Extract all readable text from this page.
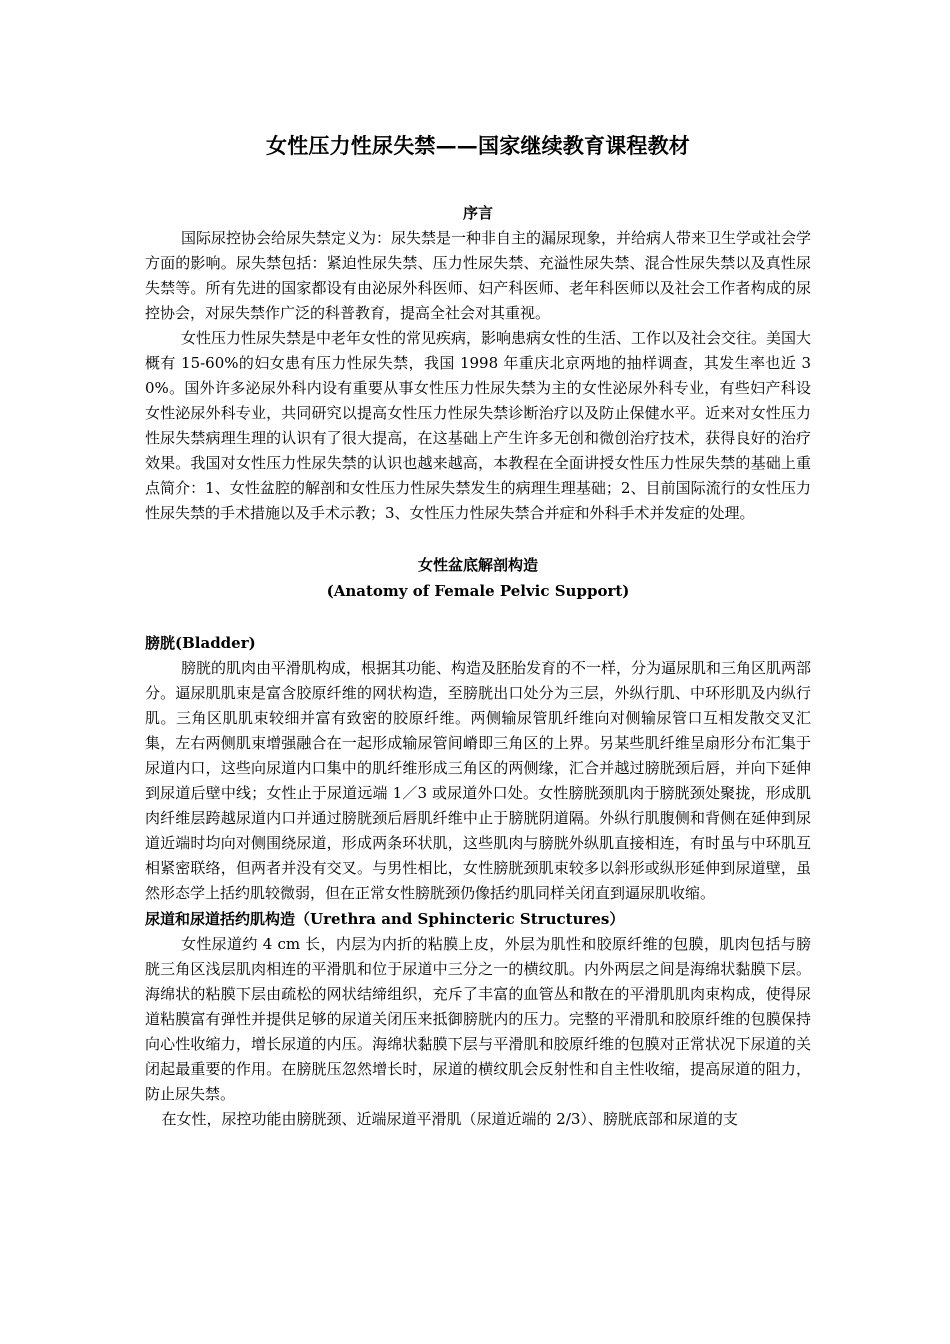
女性压力性尿失禁——国家继续教育课程教材
序言

国际尿控协会给尿失禁定义为：尿失禁是一种非自主的漏尿现象，并给病人带来卫生学或社会学方面的影响。尿失禁包括：紧迫性尿失禁、压力性尿失禁、充溢性尿失禁、混合性尿失禁以及真性尿失禁等。所有先进的国家都设有由泌尿外科医师、妇产科医师、老年科医师以及社会工作者构成的尿控协会，对尿失禁作广泛的科普教育，提高全社会对其重视。

女性压力性尿失禁是中老年女性的常见疾病，影响患病女性的生活、工作以及社会交往。美国大概有 15-60%的妇女患有压力性尿失禁，我国 1998 年重庆北京两地的抽样调查，其发生率也近 30%。国外许多泌尿外科内设有重要从事女性压力性尿失禁为主的女性泌尿外科专业，有些妇产科设女性泌尿外科专业，共同研究以提高女性压力性尿失禁诊断治疗以及防止保健水平。近来对女性压力性尿失禁病理生理的认识有了很大提高，在这基础上产生许多无创和微创治疗技术，获得良好的治疗效果。我国对女性压力性尿失禁的认识也越来越高，本教程在全面讲授女性压力性尿失禁的基础上重点简介：1、女性盆腔的解剖和女性压力性尿失禁发生的病理生理基础；2、目前国际流行的女性压力性尿失禁的手术措施以及手术示教；3、女性压力性尿失禁合并症和外科手术并发症的处理。

女性盆底解剖构造
(Anatomy of Female Pelvic Support)
膀胱(Bladder)

膀胱的肌肉由平滑肌构成，根据其功能、构造及胚胎发育的不一样，分为逼尿肌和三角区肌两部分。逼尿肌肌束是富含胶原纤维的网状构造，至膀胱出口处分为三层，外纵行肌、中环形肌及内纵行肌。三角区肌肌束较细并富有致密的胶原纤维。两侧输尿管肌纤维向对侧输尿管口互相发散交叉汇集，左右两侧肌束增强融合在一起形成输尿管间嵴即三角区的上界。另某些肌纤维呈扇形分布汇集于尿道内口，这些向尿道内口集中的肌纤维形成三角区的两侧缘，汇合并越过膀胱颈后唇，并向下延伸到尿道后壁中线；女性止于尿道远端 1／3 或尿道外口处。女性膀胱颈肌肉于膀胱颈处聚拢，形成肌肉纤维层跨越尿道内口并通过膀胱颈后唇肌纤维中止于膀胱阴道隔。外纵行肌腹侧和背侧在延伸到尿道近端时均向对侧围绕尿道，形成两条环状肌，这些肌肉与膀胱外纵肌直接相连，有时虽与中环肌互相紧密联络，但两者并没有交叉。与男性相比，女性膀胱颈肌束较多以斜形或纵形延伸到尿道壁，虽然形态学上括约肌较微弱，但在正常女性膀胱颈仍像括约肌同样关闭直到逼尿肌收缩。

尿道和尿道括约肌构造（Urethra and Sphincteric Structures）

女性尿道约 4 cm 长，内层为内折的粘膜上皮，外层为肌性和胶原纤维的包膜，肌肉包括与膀胱三角区浅层肌肉相连的平滑肌和位于尿道中三分之一的横纹肌。内外两层之间是海绵状黏膜下层。海绵状的粘膜下层由疏松的网状结缔组织，充斥了丰富的血管丛和散在的平滑肌肌肉束构成，使得尿道粘膜富有弹性并提供足够的尿道关闭压来抵御膀胱内的压力。完整的平滑肌和胶原纤维的包膜保持向心性收缩力，增长尿道的内压。海绵状黏膜下层与平滑肌和胶原纤维的包膜对正常状况下尿道的关闭起最重要的作用。在膀胱压忽然增长时，尿道的横纹肌会反射性和自主性收缩，提高尿道的阻力，防止尿失禁。

在女性，尿控功能由膀胱颈、近端尿道平滑肌（尿道近端的 2/3）、膀胱底部和尿道的支
